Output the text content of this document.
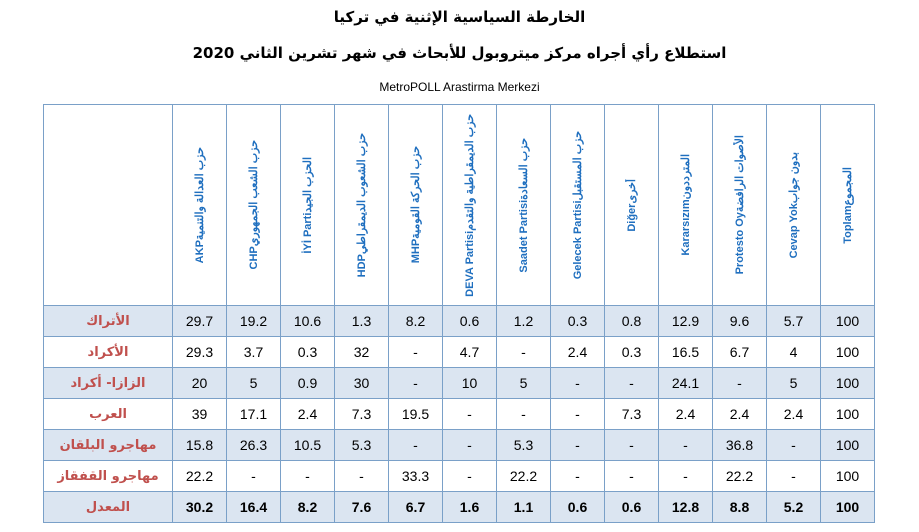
الخارطة السياسية الإثنية في تركيا
استطلاع رأي أجراه مركز ميتروبول للأبحاث في شهر تشرين الثاني 2020
MetroPOLL Arastirma Merkezi

	AKPحزب العدالة والتنمية	CHPحزب الشعب الجمهوري	İYİ Partiالحزب الجيد	HDPحزب الشعوب الديمقراطي	MHPحزب الحركة القومية	DEVA Partisiحزب الديمقراطية والتقدم	Saadet Partisiحزب السعادة	Gelecek Partisiحزب المستقبل	Diğerأخرى	Kararsızımالمترددون	Protesto Oyالأصوات الرافضة	Cevap Yokبدون جواب	Toplamالمجموع

الأتراك	29.7	19.2	10.6	1.3	8.2	0.6	1.2	0.3	0.8	12.9	9.6	5.7	100
الأكراد	29.3	3.7	0.3	32	-	4.7	-	2.4	0.3	16.5	6.7	4	100
الزازا- أكراد	20	5	0.9	30	-	10	5	-	-	24.1	-	5	100
العرب	39	17.1	2.4	7.3	19.5	-	-	-	7.3	2.4	2.4	2.4	100
مهاجرو البلقان	15.8	26.3	10.5	5.3	-	-	5.3	-	-	-	36.8	-	100
مهاجرو القفقاز	22.2	-	-	-	33.3	-	22.2	-	-	-	22.2	-	100
المعدل	30.2	16.4	8.2	7.6	6.7	1.6	1.1	0.6	0.6	12.8	8.8	5.2	100
